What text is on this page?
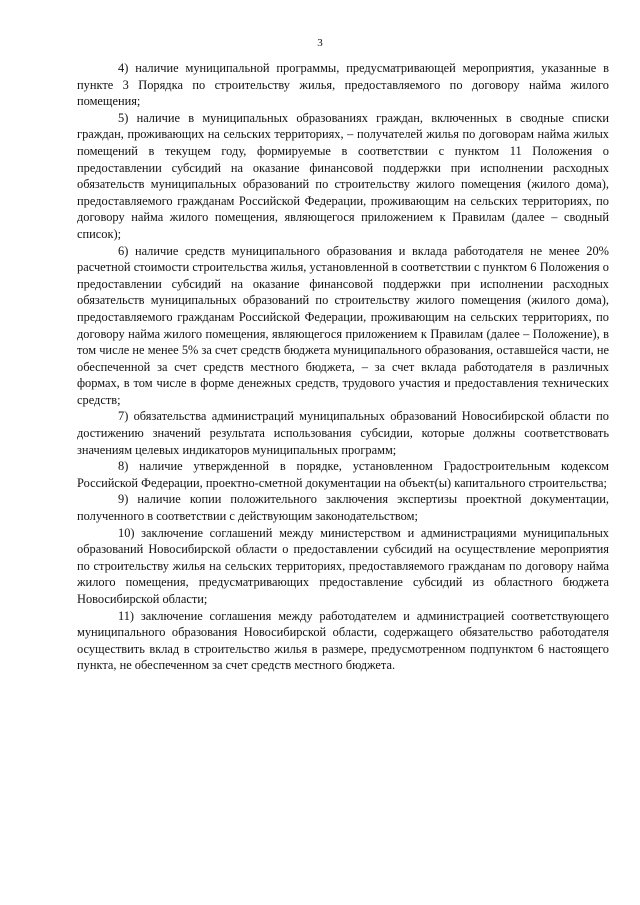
3

4) наличие муниципальной программы, предусматривающей мероприятия, указанные в пункте 3 Порядка по строительству жилья, предоставляемого по договору найма жилого помещения;

5) наличие в муниципальных образованиях граждан, включенных в сводные списки граждан, проживающих на сельских территориях, – получателей жилья по договорам найма жилых помещений в текущем году, формируемые в соответствии с пунктом 11 Положения о предоставлении субсидий на оказание финансовой поддержки при исполнении расходных обязательств муниципальных образований по строительству жилого помещения (жилого дома), предоставляемого гражданам Российской Федерации, проживающим на сельских территориях, по договору найма жилого помещения, являющегося приложением к Правилам (далее – сводный список);

6) наличие средств муниципального образования и вклада работодателя не менее 20% расчетной стоимости строительства жилья, установленной в соответствии с пунктом 6 Положения о предоставлении субсидий на оказание финансовой поддержки при исполнении расходных обязательств муниципальных образований по строительству жилого помещения (жилого дома), предоставляемого гражданам Российской Федерации, проживающим на сельских территориях, по договору найма жилого помещения, являющегося приложением к Правилам (далее – Положение), в том числе не менее 5% за счет средств бюджета муниципального образования, оставшейся части, не обеспеченной за счет средств местного бюджета, – за счет вклада работодателя в различных формах, в том числе в форме денежных средств, трудового участия и предоставления технических средств;

7) обязательства администраций муниципальных образований Новосибирской области по достижению значений результата использования субсидии, которые должны соответствовать значениям целевых индикаторов муниципальных программ;

8) наличие утвержденной в порядке, установленном Градостроительным кодексом Российской Федерации, проектно-сметной документации на объект(ы) капитального строительства;

9) наличие копии положительного заключения экспертизы проектной документации, полученного в соответствии с действующим законодательством;

10) заключение соглашений между министерством и администрациями муниципальных образований Новосибирской области о предоставлении субсидий на осуществление мероприятия по строительству жилья на сельских территориях, предоставляемого гражданам по договору найма жилого помещения, предусматривающих предоставление субсидий из областного бюджета Новосибирской области;

11) заключение соглашения между работодателем и администрацией соответствующего муниципального образования Новосибирской области, содержащего обязательство работодателя осуществить вклад в строительство жилья в размере, предусмотренном подпунктом 6 настоящего пункта, не обеспеченном за счет средств местного бюджета.
